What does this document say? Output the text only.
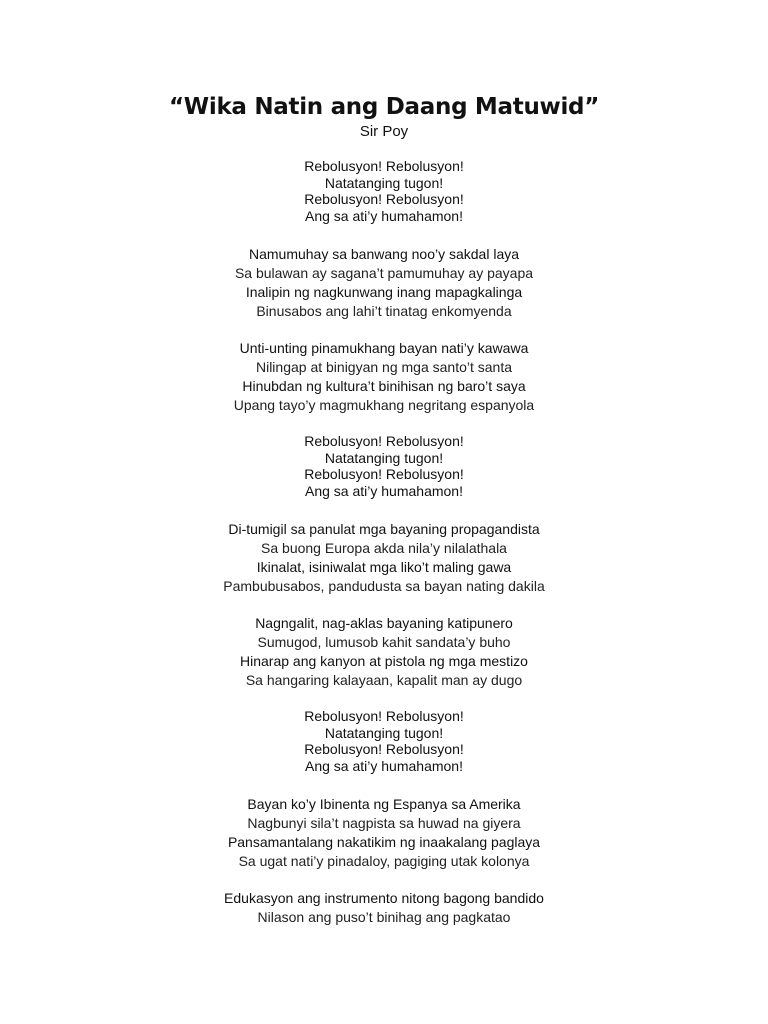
“Wika Natin ang Daang Matuwid”

Sir Poy

Rebolusyon! Rebolusyon!
Natatanging tugon!
Rebolusyon! Rebolusyon!
Ang sa ati’y humahamon!
Namumuhay sa banwang noo’y sakdal laya
Sa bulawan ay sagana’t pamumuhay ay payapa
Inalipin ng nagkunwang inang mapagkalinga
Binusabos ang lahi’t tinatag enkomyenda
Unti-unting pinamukhang bayan nati’y kawawa
Nilingap at binigyan ng mga santo’t santa
Hinubdan ng kultura’t binihisan ng baro’t saya
Upang tayo’y magmukhang negritang espanyola
Rebolusyon! Rebolusyon!
Natatanging tugon!
Rebolusyon! Rebolusyon!
Ang sa ati’y humahamon!
Di-tumigil sa panulat mga bayaning propagandista
Sa buong Europa akda nila’y nilalathala
Ikinalat, isiniwalat mga liko’t maling gawa
Pambubusabos, pandudusta sa bayan nating dakila
Nagngalit, nag-aklas bayaning katipunero
Sumugod, lumusob kahit sandata’y buho
Hinarap ang kanyon at pistola ng mga mestizo
Sa hangaring kalayaan, kapalit man ay dugo
Rebolusyon! Rebolusyon!
Natatanging tugon!
Rebolusyon! Rebolusyon!
Ang sa ati’y humahamon!
Bayan ko’y Ibinenta ng Espanya sa Amerika
Nagbunyi sila’t nagpista sa huwad na giyera
Pansamantalang nakatikim ng inaakalang paglaya
Sa ugat nati’y pinadaloy, pagiging utak kolonya
Edukasyon ang instrumento nitong bagong bandido
Nilason ang puso’t binihag ang pagkatao
